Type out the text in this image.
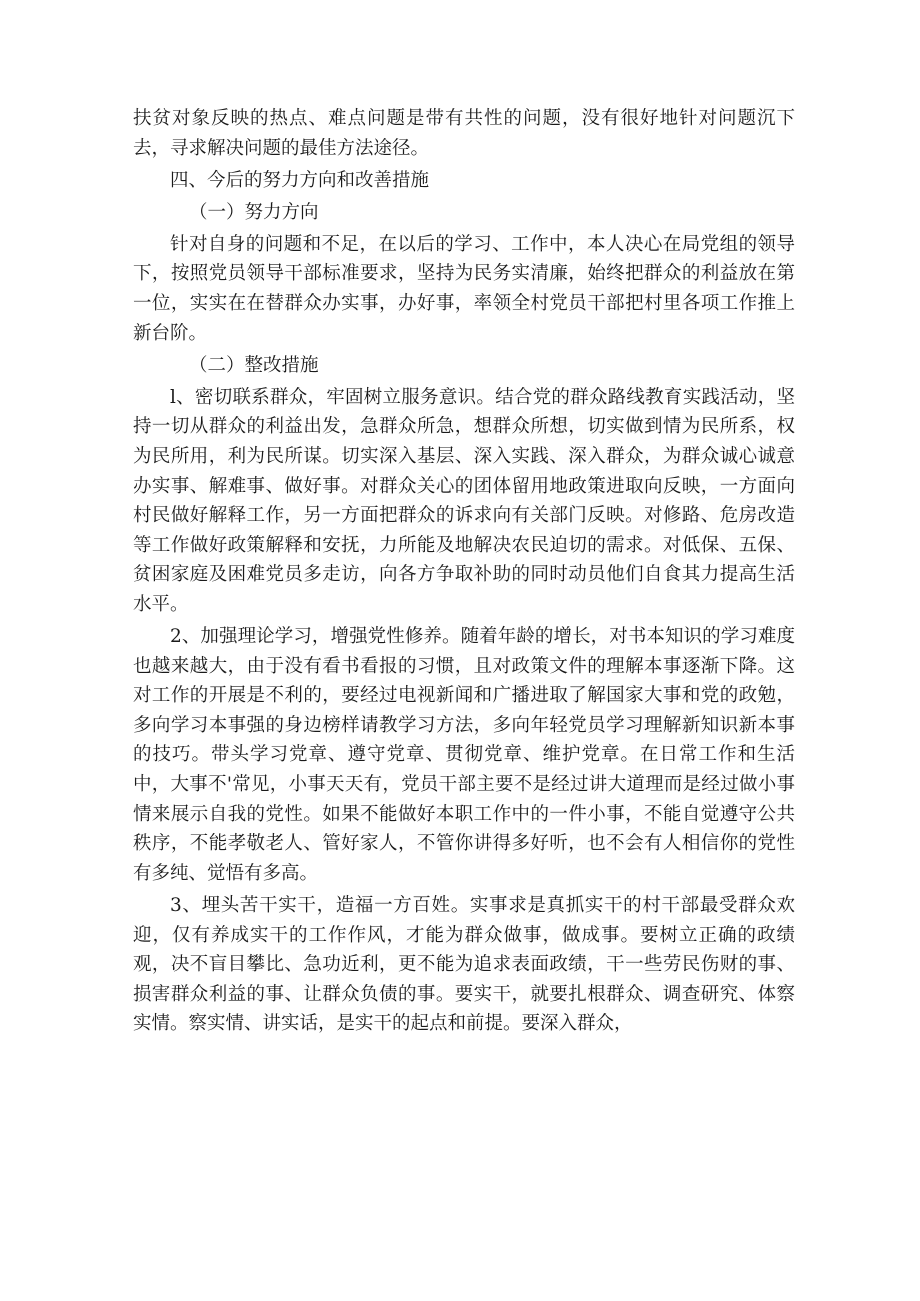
扶贫对象反映的热点、难点问题是带有共性的问题，没有很好地针对问题沉下去，寻求解决问题的最佳方法途径。

四、今后的努力方向和改善措施

（一）努力方向

针对自身的问题和不足，在以后的学习、工作中，本人决心在局党组的领导下，按照党员领导干部标准要求，坚持为民务实清廉，始终把群众的利益放在第一位，实实在在替群众办实事，办好事，率领全村党员干部把村里各项工作推上新台阶。

（二）整改措施

l、密切联系群众，牢固树立服务意识。结合党的群众路线教育实践活动，坚持一切从群众的利益出发，急群众所急，想群众所想，切实做到情为民所系，权为民所用，利为民所谋。切实深入基层、深入实践、深入群众，为群众诚心诚意办实事、解难事、做好事。对群众关心的团体留用地政策进取向反映，一方面向村民做好解释工作，另一方面把群众的诉求向有关部门反映。对修路、危房改造等工作做好政策解释和安抚，力所能及地解决农民迫切的需求。对低保、五保、贫困家庭及困难党员多走访，向各方争取补助的同时动员他们自食其力提高生活水平。

2、加强理论学习，增强党性修养。随着年龄的增长，对书本知识的学习难度也越来越大，由于没有看书看报的习惯，且对政策文件的理解本事逐渐下降。这对工作的开展是不利的，要经过电视新闻和广播进取了解国家大事和党的政勉，多向学习本事强的身边榜样请教学习方法，多向年轻党员学习理解新知识新本事的技巧。带头学习党章、遵守党章、贯彻党章、维护党章。在日常工作和生活中，大事不'常见，小事天天有，党员干部主要不是经过讲大道理而是经过做小事情来展示自我的党性。如果不能做好本职工作中的一件小事，不能自觉遵守公共秩序，不能孝敬老人、管好家人，不管你讲得多好听，也不会有人相信你的党性有多纯、觉悟有多高。

3、埋头苦干实干，造福一方百姓。实事求是真抓实干的村干部最受群众欢迎，仅有养成实干的工作作风，才能为群众做事，做成事。要树立正确的政绩观，决不盲目攀比、急功近利，更不能为追求表面政绩，干一些劳民伤财的事、损害群众利益的事、让群众负债的事。要实干，就要扎根群众、调查研究、体察实情。察实情、讲实话，是实干的起点和前提。要深入群众，
